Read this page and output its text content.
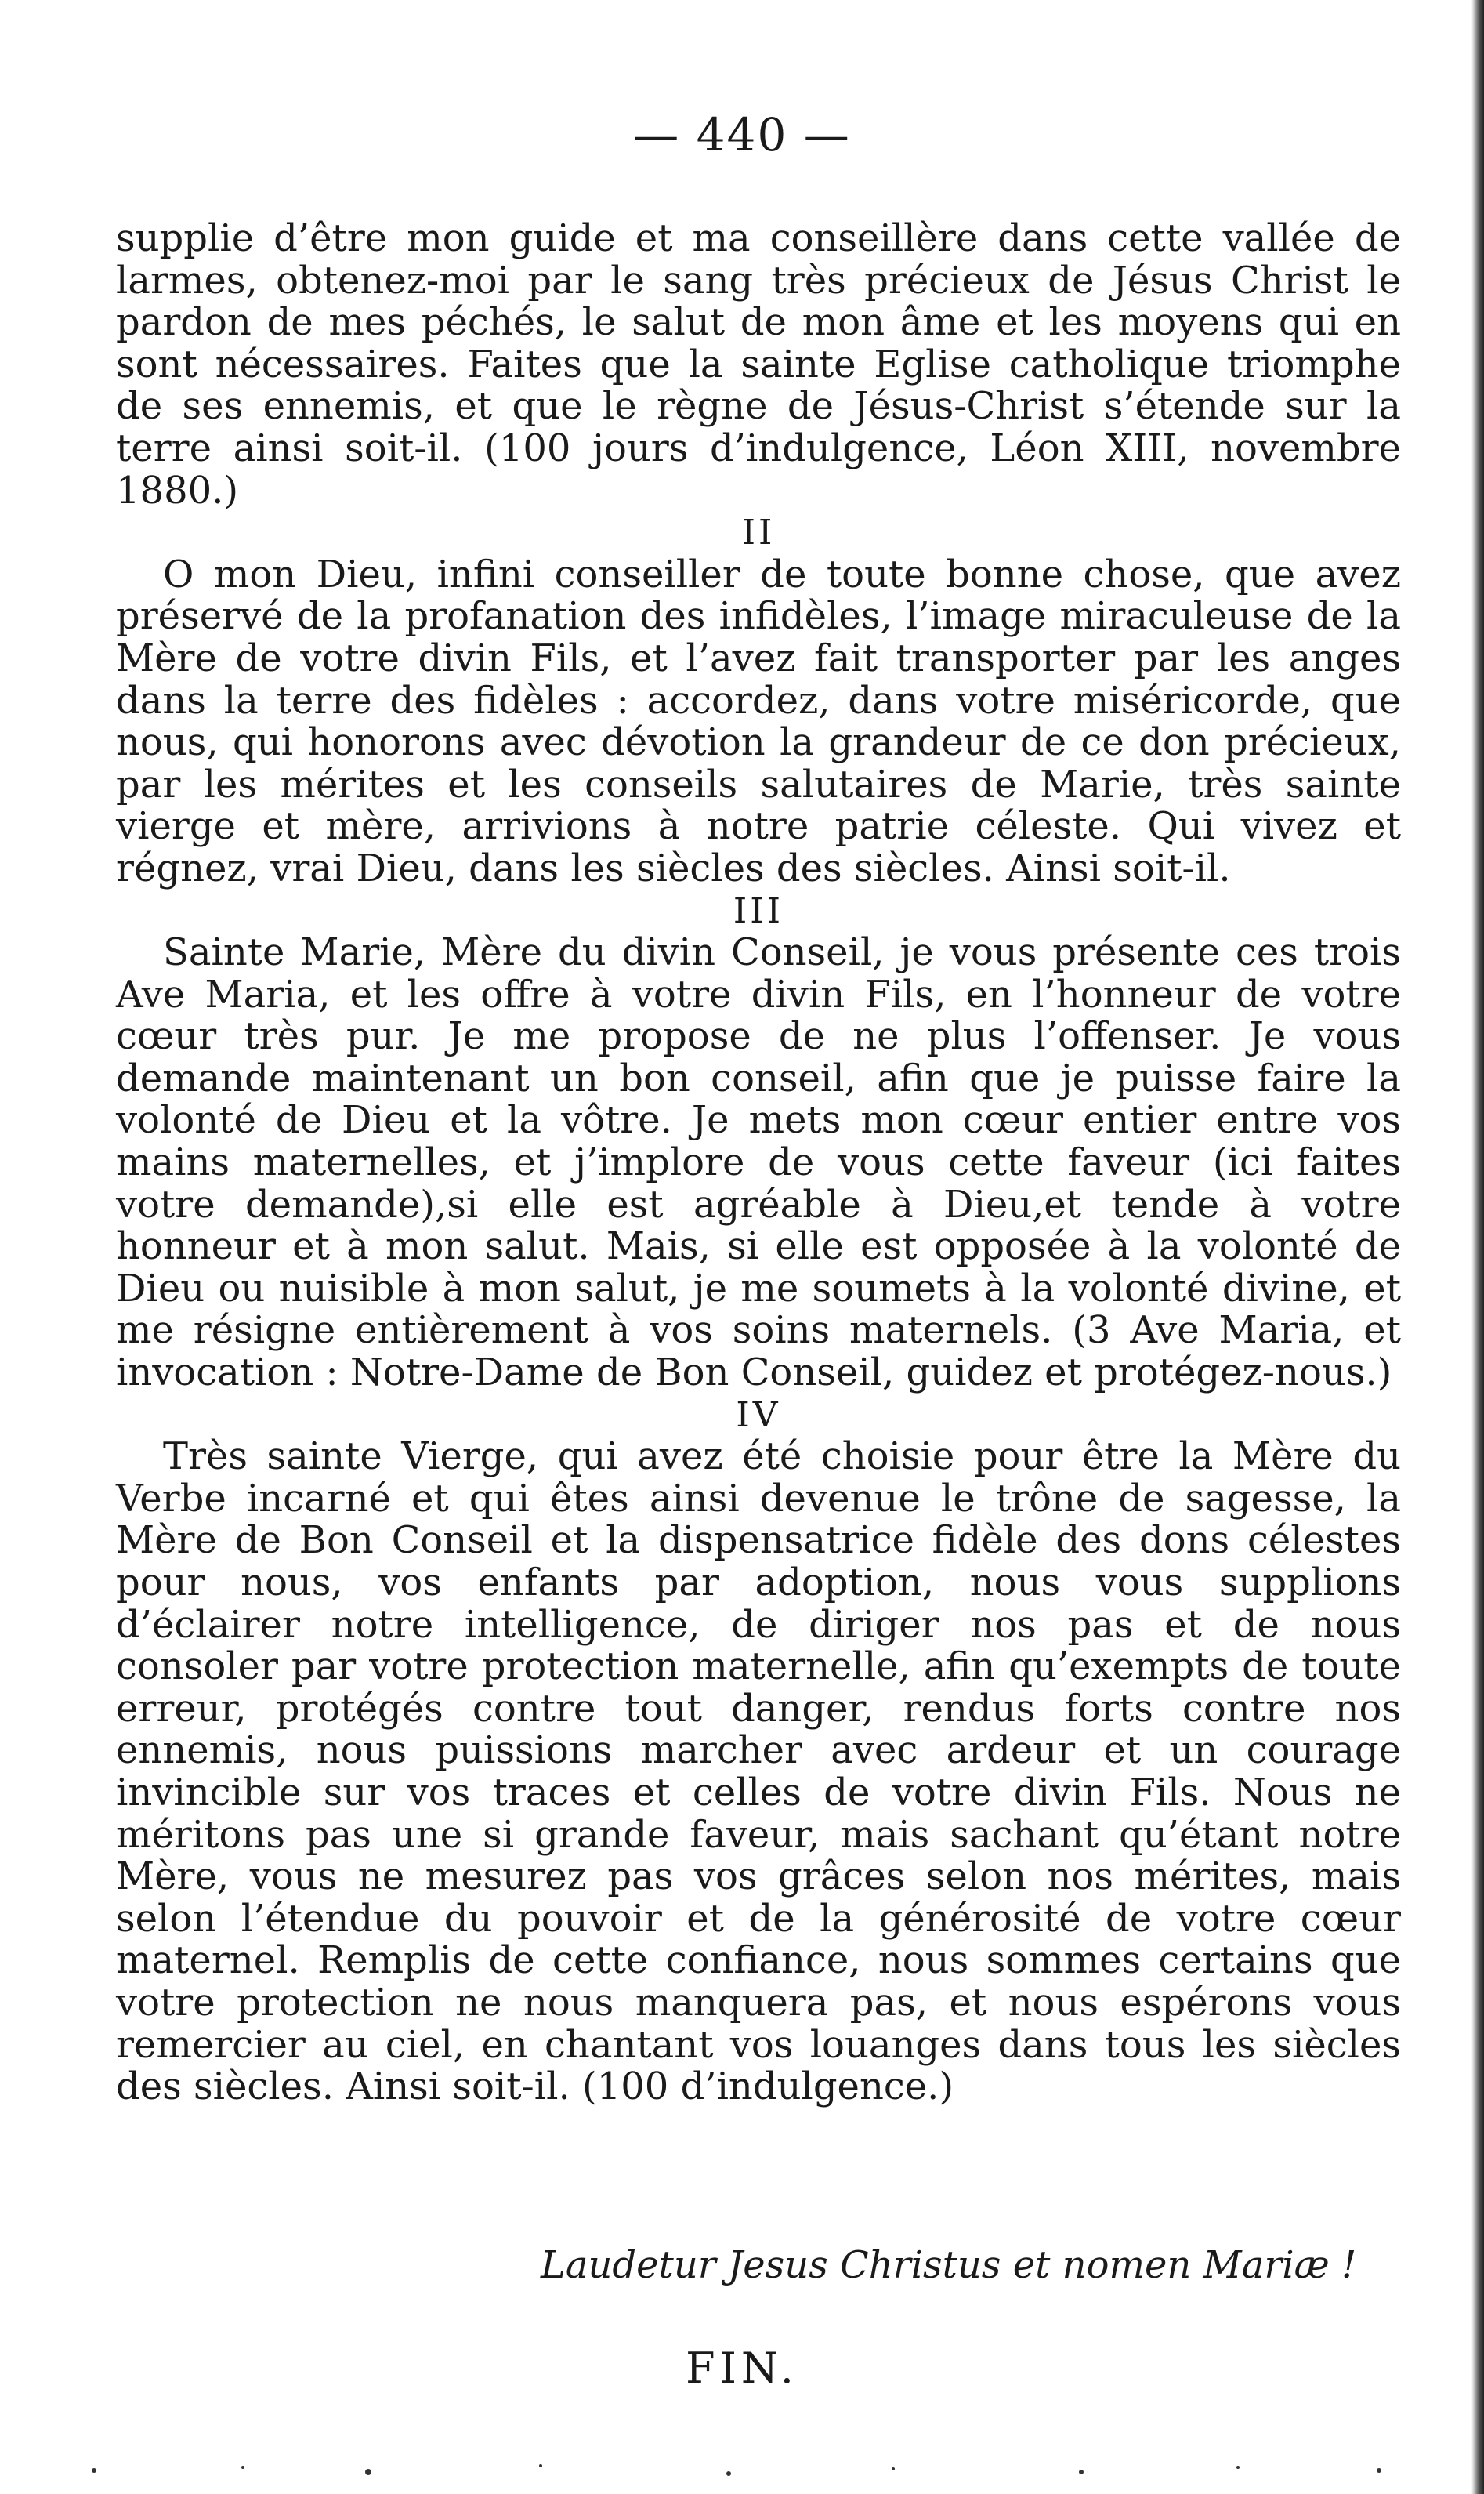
— 440 —

supplie d’être mon guide et ma conseillère dans cette vallée de larmes, obtenez-moi par le sang très précieux de Jésus Christ le pardon de mes péchés, le salut de mon âme et les moyens qui en sont nécessaires. Faites que la sainte Eglise catholique triomphe de ses ennemis, et que le règne de Jésus-Christ s’étende sur la terre ainsi soit-il. (100 jours d’indulgence, Léon XIII, novembre 1880.)

II

O mon Dieu, infini conseiller de toute bonne chose, que avez préservé de la profanation des infidèles, l’image miraculeuse de la Mère de votre divin Fils, et l’avez fait transporter par les anges dans la terre des fidèles : accordez, dans votre miséricorde, que nous, qui honorons avec dévotion la grandeur de ce don précieux, par les mérites et les conseils salutaires de Marie, très sainte vierge et mère, arrivions à notre patrie céleste. Qui vivez et régnez, vrai Dieu, dans les siècles des siècles. Ainsi soit-il.

III

Sainte Marie, Mère du divin Conseil, je vous présente ces trois Ave Maria, et les offre à votre divin Fils, en l’honneur de votre cœur très pur. Je me propose de ne plus l’offenser. Je vous demande maintenant un bon conseil, afin que je puisse faire la volonté de Dieu et la vôtre. Je mets mon cœur entier entre vos mains maternelles, et j’implore de vous cette faveur (ici faites votre demande),si elle est agréable à Dieu,et tende à votre honneur et à mon salut. Mais, si elle est opposée à la volonté de Dieu ou nuisible à mon salut, je me soumets à la volonté divine, et me résigne entièrement à vos soins maternels. (3 Ave Maria, et invocation : Notre-Dame de Bon Conseil, guidez et protégez-nous.)

IV

Très sainte Vierge, qui avez été choisie pour être la Mère du Verbe incarné et qui êtes ainsi devenue le trône de sagesse, la Mère de Bon Conseil et la dispensatrice fidèle des dons célestes pour nous, vos enfants par adoption, nous vous supplions d’éclairer notre intelligence, de diriger nos pas et de nous consoler par votre protection maternelle, afin qu’exempts de toute erreur, protégés contre tout danger, rendus forts contre nos ennemis, nous puissions marcher avec ardeur et un courage invincible sur vos traces et celles de votre divin Fils. Nous ne méritons pas une si grande faveur, mais sachant qu’étant notre Mère, vous ne mesurez pas vos grâces selon nos mérites, mais selon l’étendue du pouvoir et de la générosité de votre cœur maternel. Remplis de cette confiance, nous sommes certains que votre protection ne nous manquera pas, et nous espérons vous remercier au ciel, en chantant vos louanges dans tous les siècles des siècles. Ainsi soit-il. (100 d’indulgence.)

Laudetur Jesus Christus et nomen Mariæ !
FIN.
